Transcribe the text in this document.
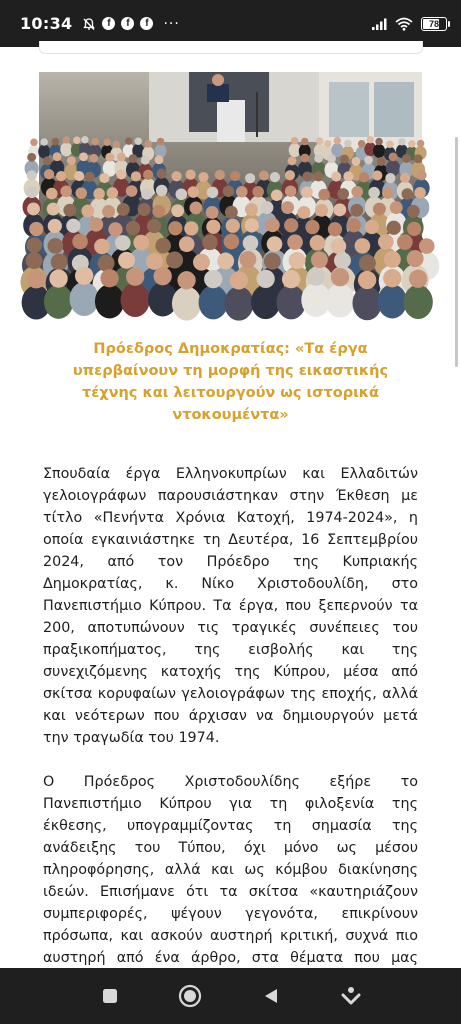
10:34	f	f	f	···	78
Πρόεδρος Δημοκρατίας: «Τα έργα υπερβαίνουν τη μορφή της εικαστικής τέχνης και λειτουργούν ως ιστορικά ντοκουμέντα»

Σπουδαία έργα Ελληνοκυπρίων και Ελλαδιτών γελοιογράφων παρουσιάστηκαν στην Έκθεση με τίτλο «Πενήντα Χρόνια Κατοχή, 1974-2024», η οποία εγκαινιάστηκε τη Δευτέρα, 16 Σεπτεμβρίου 2024, από τον Πρόεδρο της Κυπριακής Δημοκρατίας, κ. Νίκο Χριστοδουλίδη, στο Πανεπιστήμιο Κύπρου. Τα έργα, που ξεπερνούν τα 200, αποτυπώνουν τις τραγικές συνέπειες του πραξικοπήματος, της εισβολής και της συνεχιζόμενης κατοχής της Κύπρου, μέσα από σκίτσα κορυφαίων γελοιογράφων της εποχής, αλλά και νεότερων που άρχισαν να δημιουργούν μετά την τραγωδία του 1974.

Ο Πρόεδρος Χριστοδουλίδης εξήρε το Πανεπιστήμιο Κύπρου για τη φιλοξενία της έκθεσης, υπογραμμίζοντας τη σημασία της ανάδειξης του Τύπου, όχι μόνο ως μέσου πληροφόρησης, αλλά και ως κόμβου διακίνησης ιδεών. Επισήμανε ότι τα σκίτσα «καυτηριάζουν συμπεριφορές, ψέγουν γεγονότα, επικρίνουν πρόσωπα, και ασκούν αυστηρή κριτική, συχνά πιο αυστηρή από ένα άρθρο, στα θέματα που μας
